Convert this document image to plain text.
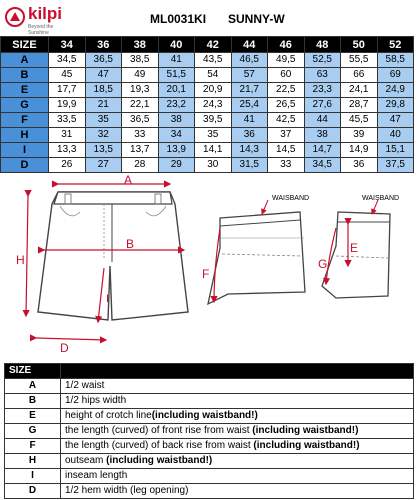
kilpi
Beyond the Sunshine
ML0031KI SUNNY-W
SIZE	34	36	38	40	42	44	46	48	50	52
A	34,5	36,5	38,5	41	43,5	46,5	49,5	52,5	55,5	58,5
B	45	47	49	51,5	54	57	60	63	66	69
E	17,7	18,5	19,3	20,1	20,9	21,7	22,5	23,3	24,1	24,9
G	19,9	21	22,1	23,2	24,3	25,4	26,5	27,6	28,7	29,8
F	33,5	35	36,5	38	39,5	41	42,5	44	45,5	47
H	31	32	33	34	35	36	37	38	39	40
I	13,3	13,5	13,7	13,9	14,1	14,3	14,5	14,7	14,9	15,1
D	26	27	28	29	30	31,5	33	34,5	36	37,5
A
B
H
I
D
F
WAISBAND
E
G
WAISBAND
SIZE	
A	1/2 waist
B	1/2 hips width
E	height of crotch line(including waistband!)
G	the length (curved) of front rise from waist (including waistband!)
F	the length (curved) of back rise from waist (including waistband!)
H	outseam (including waistband!)
I	inseam length
D	1/2 hem width (leg opening)
